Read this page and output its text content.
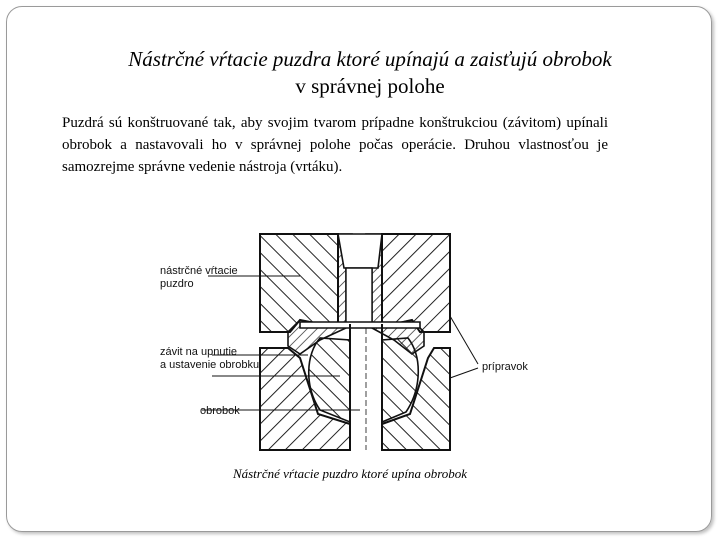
Nástrčné vŕtacie puzdra ktoré upínajú a zaisťujú obrobok
v správnej polohe

Puzdrá sú konštruované tak, aby svojim tvarom prípadne konštrukciou (závitom) upínali obrobok a nastavovali ho v správnej polohe počas operácie. Druhou vlastnosťou je samozrejme správne vedenie nástroja (vrtáku).

nástrčné vŕtacie
puzdro
závit na upnutie
a ustavenie obrobku
obrobok
prípravok

Nástrčné vŕtacie puzdro ktoré upína obrobok
